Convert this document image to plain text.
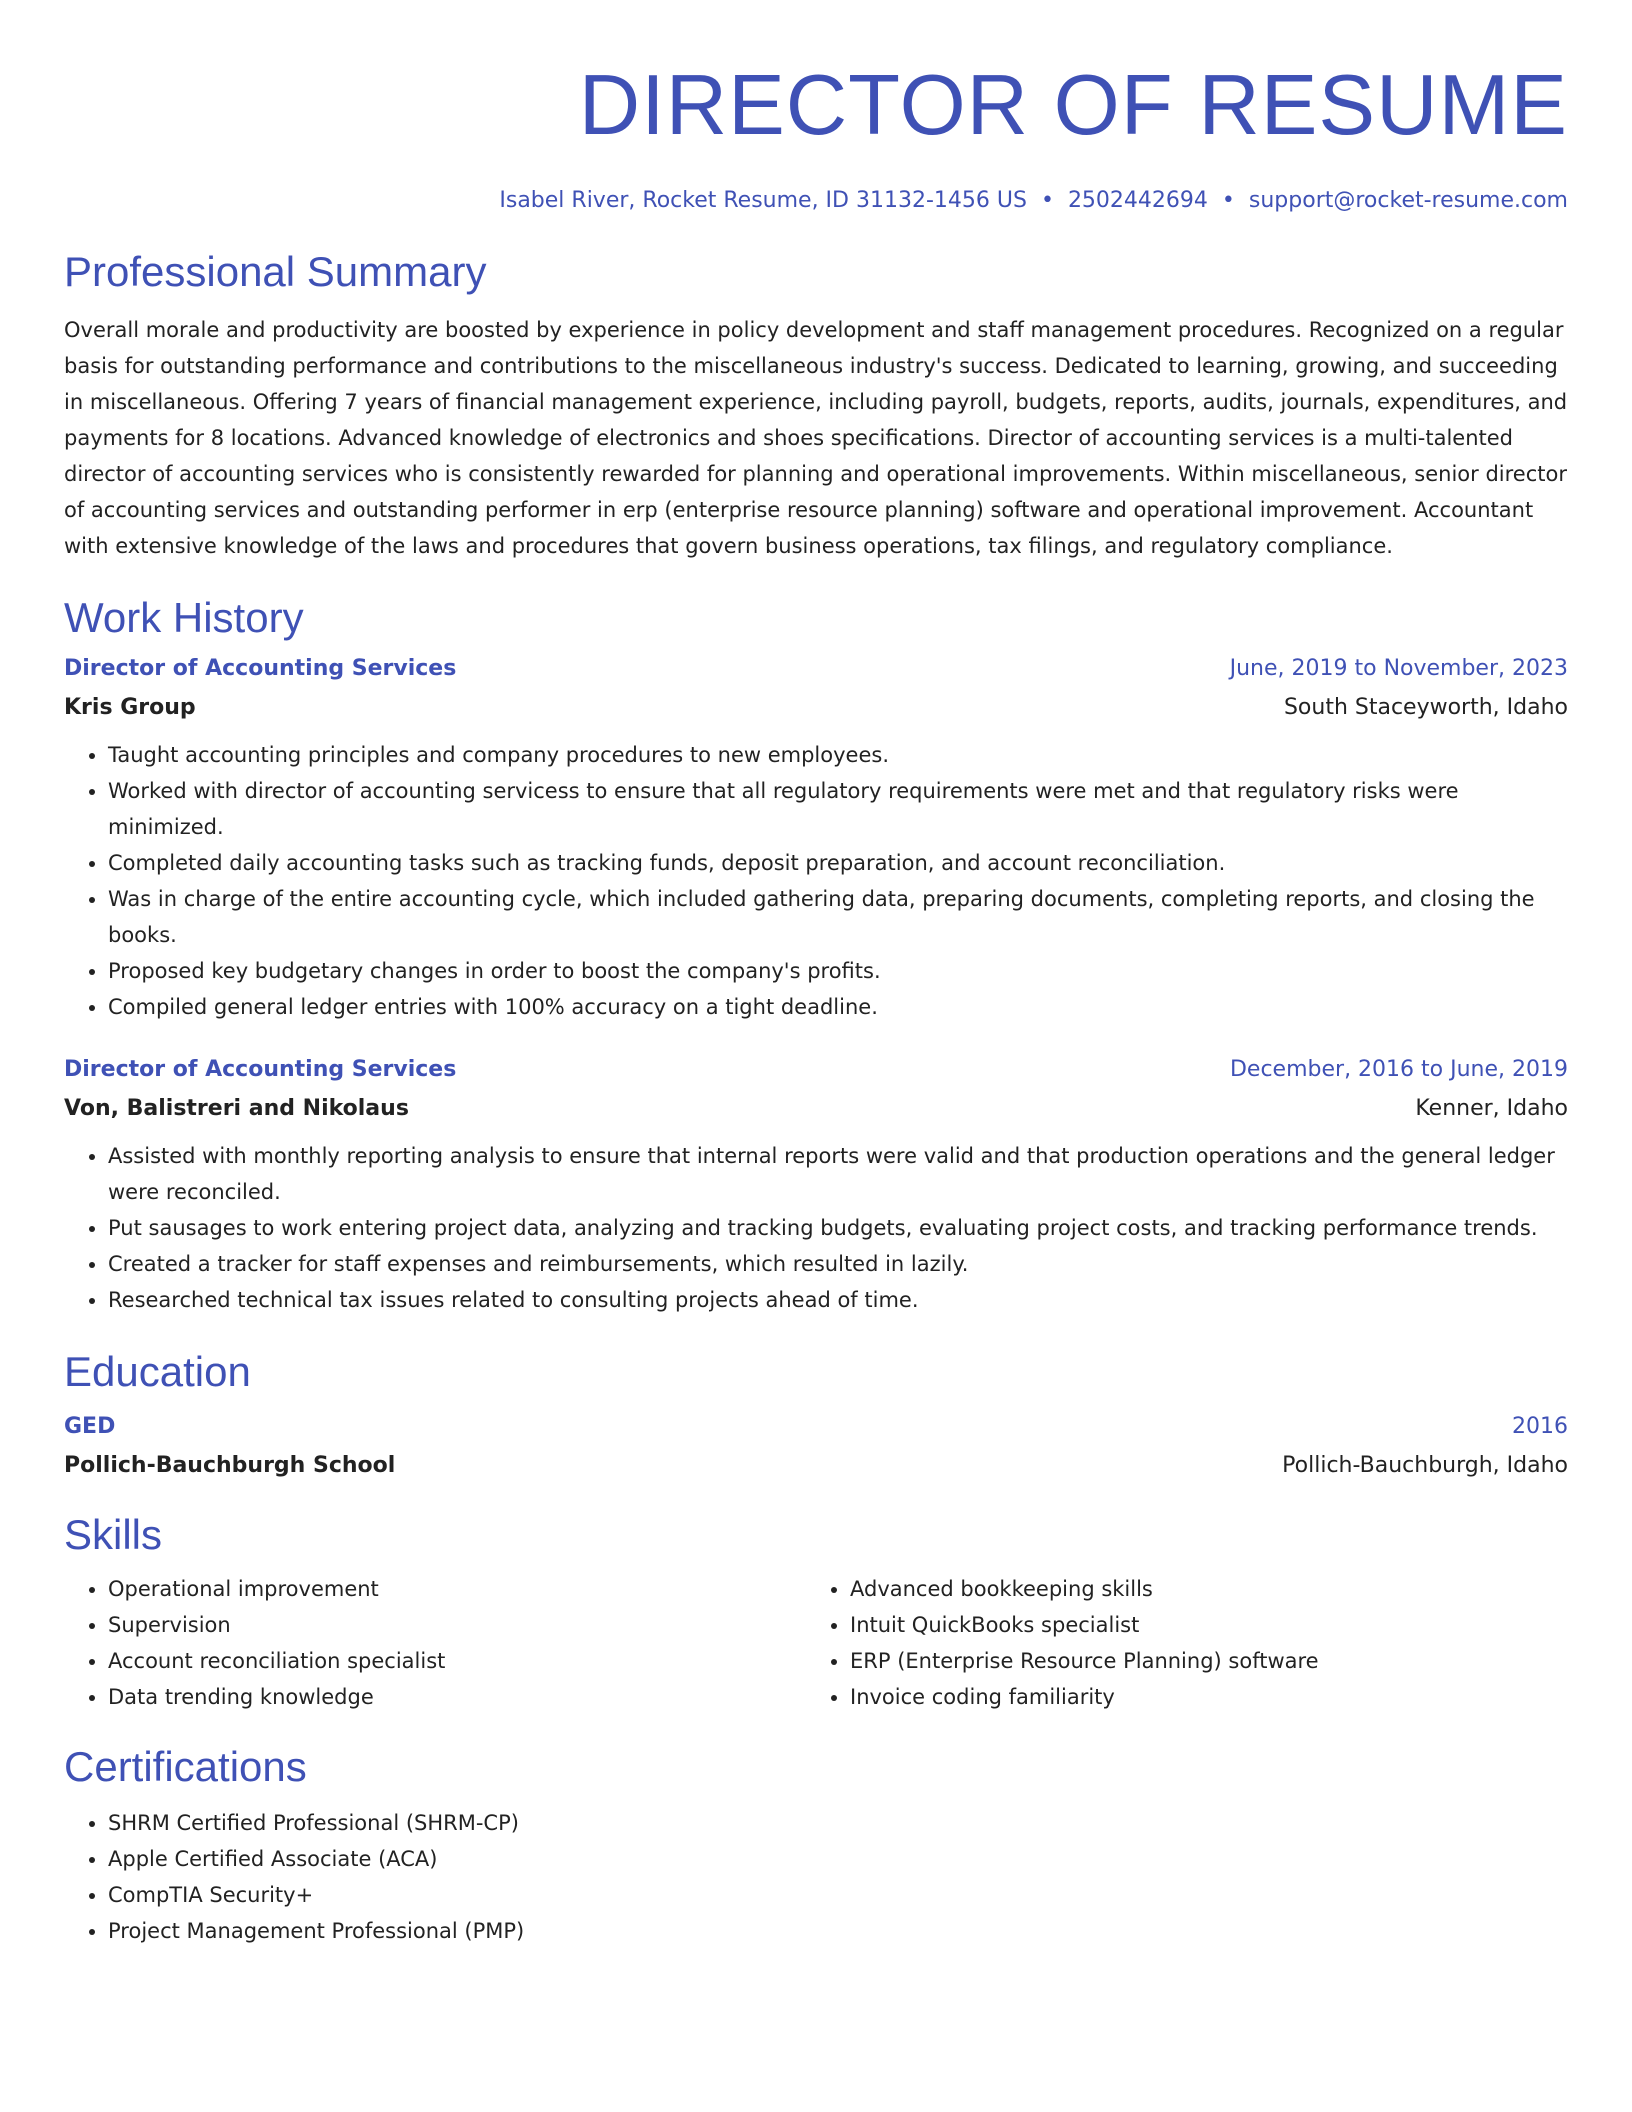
DIRECTOR OF RESUME
Isabel River, Rocket Resume, ID 31132-1456 US • 2502442694 • support@rocket-resume.com
Professional Summary
Overall morale and productivity are boosted by experience in policy development and staff management procedures. Recognized on a regular basis for outstanding performance and contributions to the miscellaneous industry's success. Dedicated to learning, growing, and succeeding in miscellaneous. Offering 7 years of financial management experience, including payroll, budgets, reports, audits, journals, expenditures, and payments for 8 locations. Advanced knowledge of electronics and shoes specifications. Director of accounting services is a multi-talented director of accounting services who is consistently rewarded for planning and operational improvements. Within miscellaneous, senior director of accounting services and outstanding performer in erp (enterprise resource planning) software and operational improvement. Accountant with extensive knowledge of the laws and procedures that govern business operations, tax filings, and regulatory compliance.
Work History
Director of Accounting Services	June, 2019 to November, 2023
Kris Group	South Staceyworth, Idaho
• Taught accounting principles and company procedures to new employees.
• Worked with director of accounting servicess to ensure that all regulatory requirements were met and that regulatory risks were minimized.
• Completed daily accounting tasks such as tracking funds, deposit preparation, and account reconciliation.
• Was in charge of the entire accounting cycle, which included gathering data, preparing documents, completing reports, and closing the books.
• Proposed key budgetary changes in order to boost the company's profits.
• Compiled general ledger entries with 100% accuracy on a tight deadline.
Director of Accounting Services	December, 2016 to June, 2019
Von, Balistreri and Nikolaus	Kenner, Idaho
• Assisted with monthly reporting analysis to ensure that internal reports were valid and that production operations and the general ledger were reconciled.
• Put sausages to work entering project data, analyzing and tracking budgets, evaluating project costs, and tracking performance trends.
• Created a tracker for staff expenses and reimbursements, which resulted in lazily.
• Researched technical tax issues related to consulting projects ahead of time.
Education
GED	2016
Pollich-Bauchburgh School	Pollich-Bauchburgh, Idaho
Skills
• Operational improvement
• Supervision
• Account reconciliation specialist
• Data trending knowledge
• Advanced bookkeeping skills
• Intuit QuickBooks specialist
• ERP (Enterprise Resource Planning) software
• Invoice coding familiarity
Certifications
• SHRM Certified Professional (SHRM-CP)
• Apple Certified Associate (ACA)
• CompTIA Security+
• Project Management Professional (PMP)
